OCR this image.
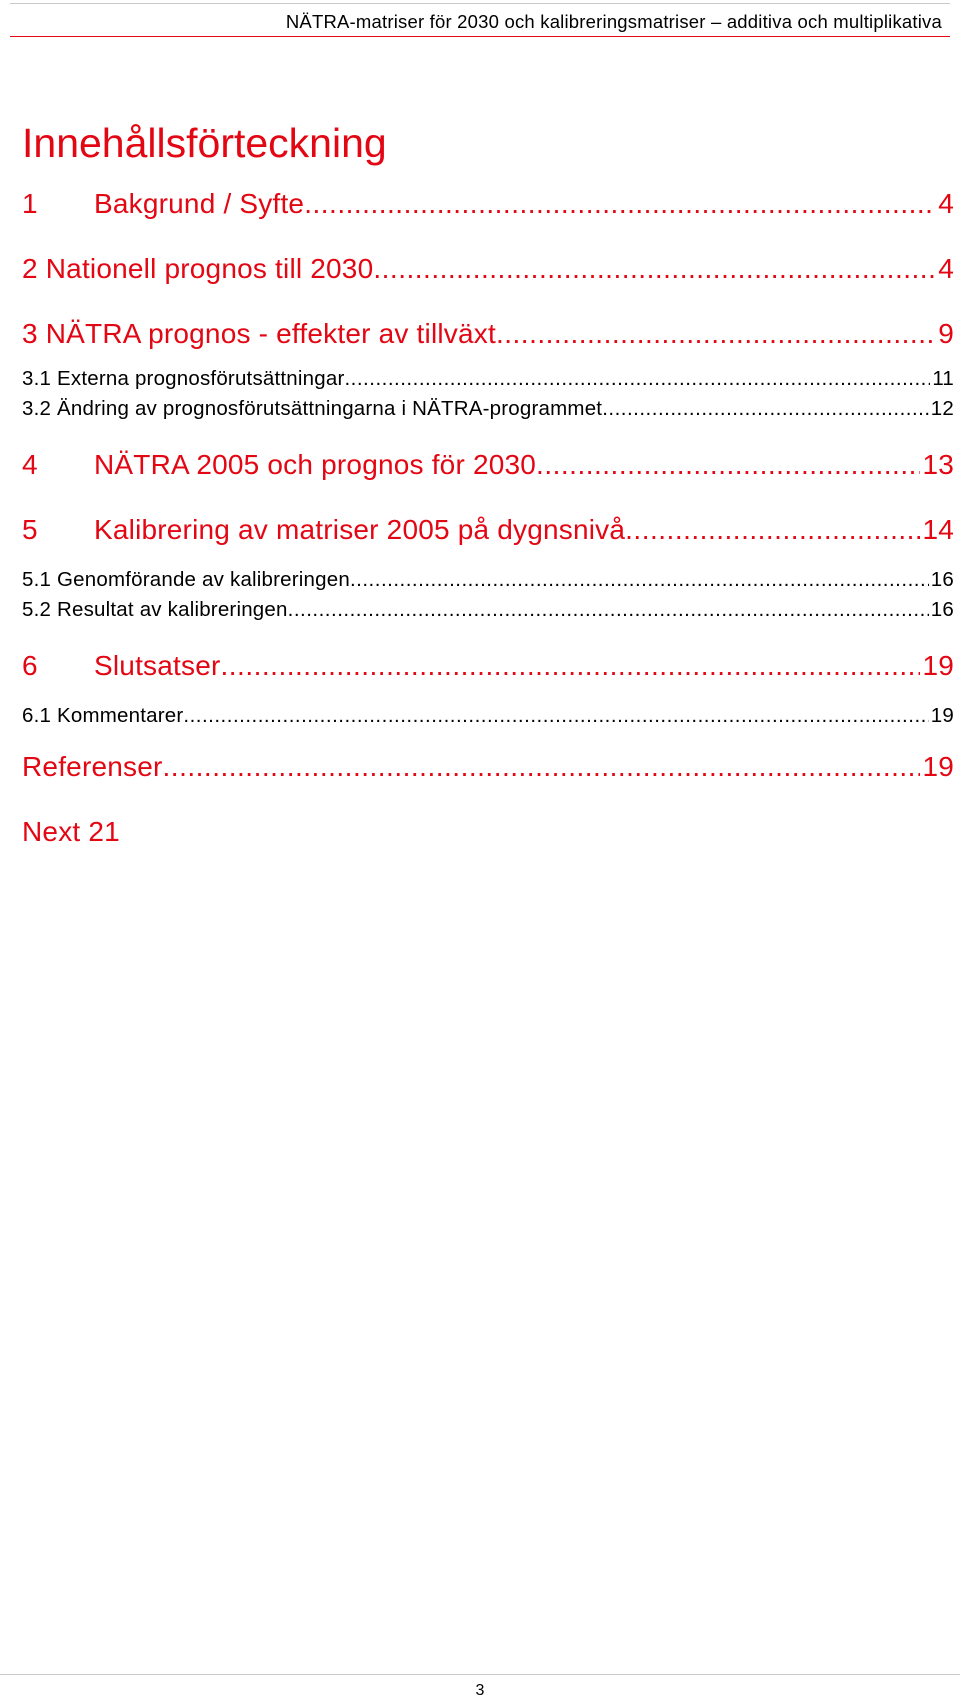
NÄTRA-matriser för 2030 och kalibreringsmatriser – additiva och multiplikativa
Innehållsförteckning
1	Bakgrund / Syfte .....	4
2 Nationell prognos till 2030 .....	4
3 NÄTRA prognos - effekter av tillväxt .....	9
3.1 Externa prognosförutsättningar .....	11
3.2 Ändring av prognosförutsättningarna i NÄTRA-programmet .....	12
4	NÄTRA 2005 och prognos för 2030 .....	13
5	Kalibrering av matriser 2005 på dygnsnivå .....	14
5.1 Genomförande av kalibreringen .....	16
5.2 Resultat av kalibreringen .....	16
6	Slutsatser .....	19
6.1 Kommentarer .....	19
Referenser .....	19
Next 21
3
